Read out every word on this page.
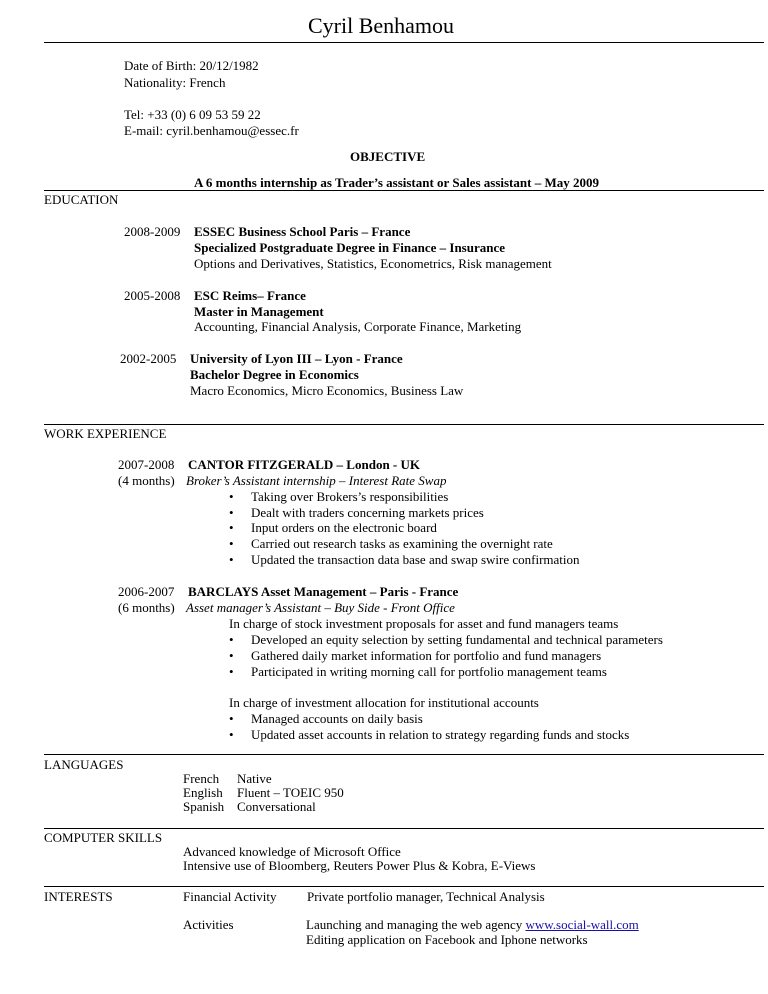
Cyril Benhamou
Date of Birth: 20/12/1982
Nationality: French
Tel: +33 (0) 6 09 53 59 22
E-mail: cyril.benhamou@essec.fr
OBJECTIVE
A 6 months internship as Trader’s assistant or Sales assistant – May 2009
EDUCATION
2008-2009 ESSEC Business School Paris – France
Specialized Postgraduate Degree in Finance – Insurance
Options and Derivatives, Statistics, Econometrics, Risk management
2005-2008 ESC Reims– France
Master in Management
Accounting, Financial Analysis, Corporate Finance, Marketing
2002-2005 University of Lyon III – Lyon - France
Bachelor Degree in Economics
Macro Economics, Micro Economics, Business Law
WORK EXPERIENCE
2007-2008 CANTOR FITZGERALD – London - UK
(4 months) Broker’s Assistant internship – Interest Rate Swap
• Taking over Brokers’s responsibilities
• Dealt with traders concerning markets prices
• Input orders on the electronic board
• Carried out research tasks as examining the overnight rate
• Updated the transaction data base and swap swire confirmation
2006-2007 BARCLAYS Asset Management – Paris - France
(6 months) Asset manager’s Assistant – Buy Side - Front Office
In charge of stock investment proposals for asset and fund managers teams
• Developed an equity selection by setting fundamental and technical parameters
• Gathered daily market information for portfolio and fund managers
• Participated in writing morning call for portfolio management teams
In charge of investment allocation for institutional accounts
• Managed accounts on daily basis
• Updated asset accounts in relation to strategy regarding funds and stocks
LANGUAGES
French Native
English Fluent – TOEIC 950
Spanish Conversational
COMPUTER SKILLS
Advanced knowledge of Microsoft Office
Intensive use of Bloomberg, Reuters Power Plus & Kobra, E-Views
INTERESTS	Financial Activity Private portfolio manager, Technical Analysis
Activities	Launching and managing the web agency www.social-wall.com
Editing application on Facebook and Iphone networks
